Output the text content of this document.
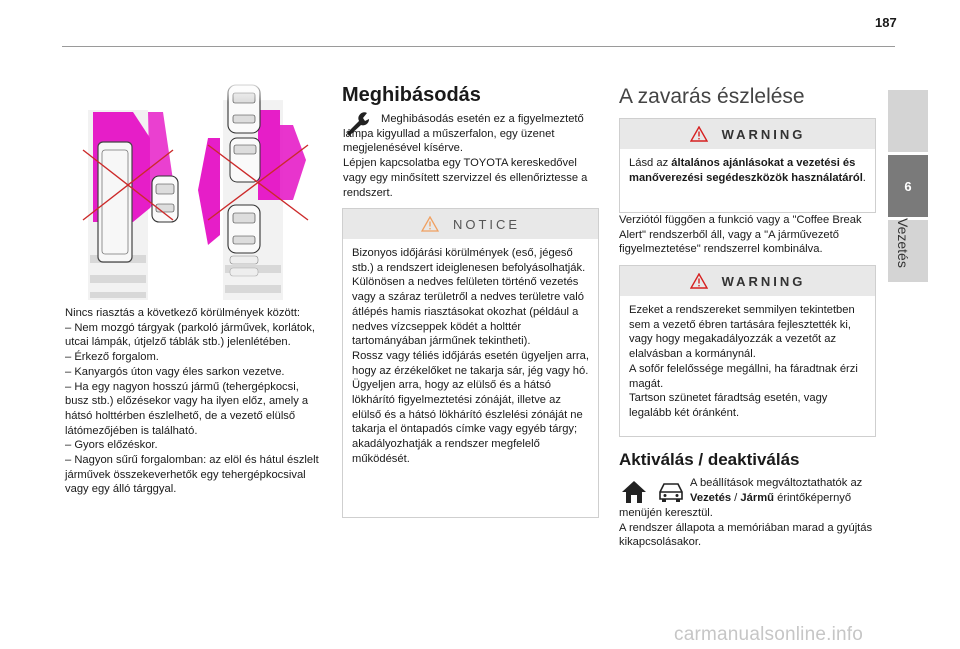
187
6
Vezetés

Nincs riasztás a következő körülmények között:

– Nem mozgó tárgyak (parkoló járművek, korlátok, utcai lámpák, útjelző táblák stb.) jelenlétében.

– Érkező forgalom.

– Kanyargós úton vagy éles sarkon vezetve.

– Ha egy nagyon hosszú jármű (tehergépkocsi, busz stb.) előzésekor vagy ha ilyen előz, amely a hátsó holttérben észlelhető, de a vezető elülső látómezőjében is található.

– Gyors előzéskor.

– Nagyon sűrű forgalomban: az elöl és hátul észlelt járművek összekeverhetők egy tehergépkocsival vagy egy álló tárggyal.

Meghibásodás

Meghibásodás esetén ez a figyelmeztető lámpa kigyullad a műszerfalon, egy üzenet megjelenésével kísérve.
Lépjen kapcsolatba egy TOYOTA kereskedővel vagy egy minősített szervizzel és ellenőriztesse a rendszert.

NOTICE
Bizonyos időjárási körülmények (eső, jégeső stb.) a rendszert ideiglenesen befolyásolhatják.
Különösen a nedves felületen történő vezetés vagy a száraz területről a nedves területre való átlépés hamis riasztásokat okozhat (például a nedves vízcseppek ködét a holttér tartományában járműnek tekintheti).
Rossz vagy téliés időjárás esetén ügyeljen arra, hogy az érzékelőket ne takarja sár, jég vagy hó.
Ügyeljen arra, hogy az elülső és a hátsó lökhárító figyelmeztetési zónáját, illetve az elülső és a hátsó lökhárító észlelési zónáját ne takarja el öntapadós címke vagy egyéb tárgy; akadályozhatják a rendszer megfelelő működését.
A zavarás észlelése
WARNING
Lásd az általános ajánlásokat a vezetési és manőverezési segédeszközök használatáról.

Verziótól függően a funkció vagy a "Coffee Break Alert" rendszerből áll, vagy a "A járművezető figyelmeztetése" rendszerrel kombinálva.

WARNING
Ezeket a rendszereket semmilyen tekintetben sem a vezető ébren tartására fejlesztették ki, vagy hogy megakadályozzák a vezetőt az elalvásban a kormánynál.
A sofőr felelőssége megállni, ha fáradtnak érzi magát.
Tartson szünetet fáradtság esetén, vagy legalább két óránként.
Aktiválás / deaktiválás

A beállítások megváltoztathatók az Vezetés / Jármű érintőképernyő

menüjén keresztül.
A rendszer állapota a memóriában marad a gyújtás kikapcsolásakor.

carmanualsonline.info
